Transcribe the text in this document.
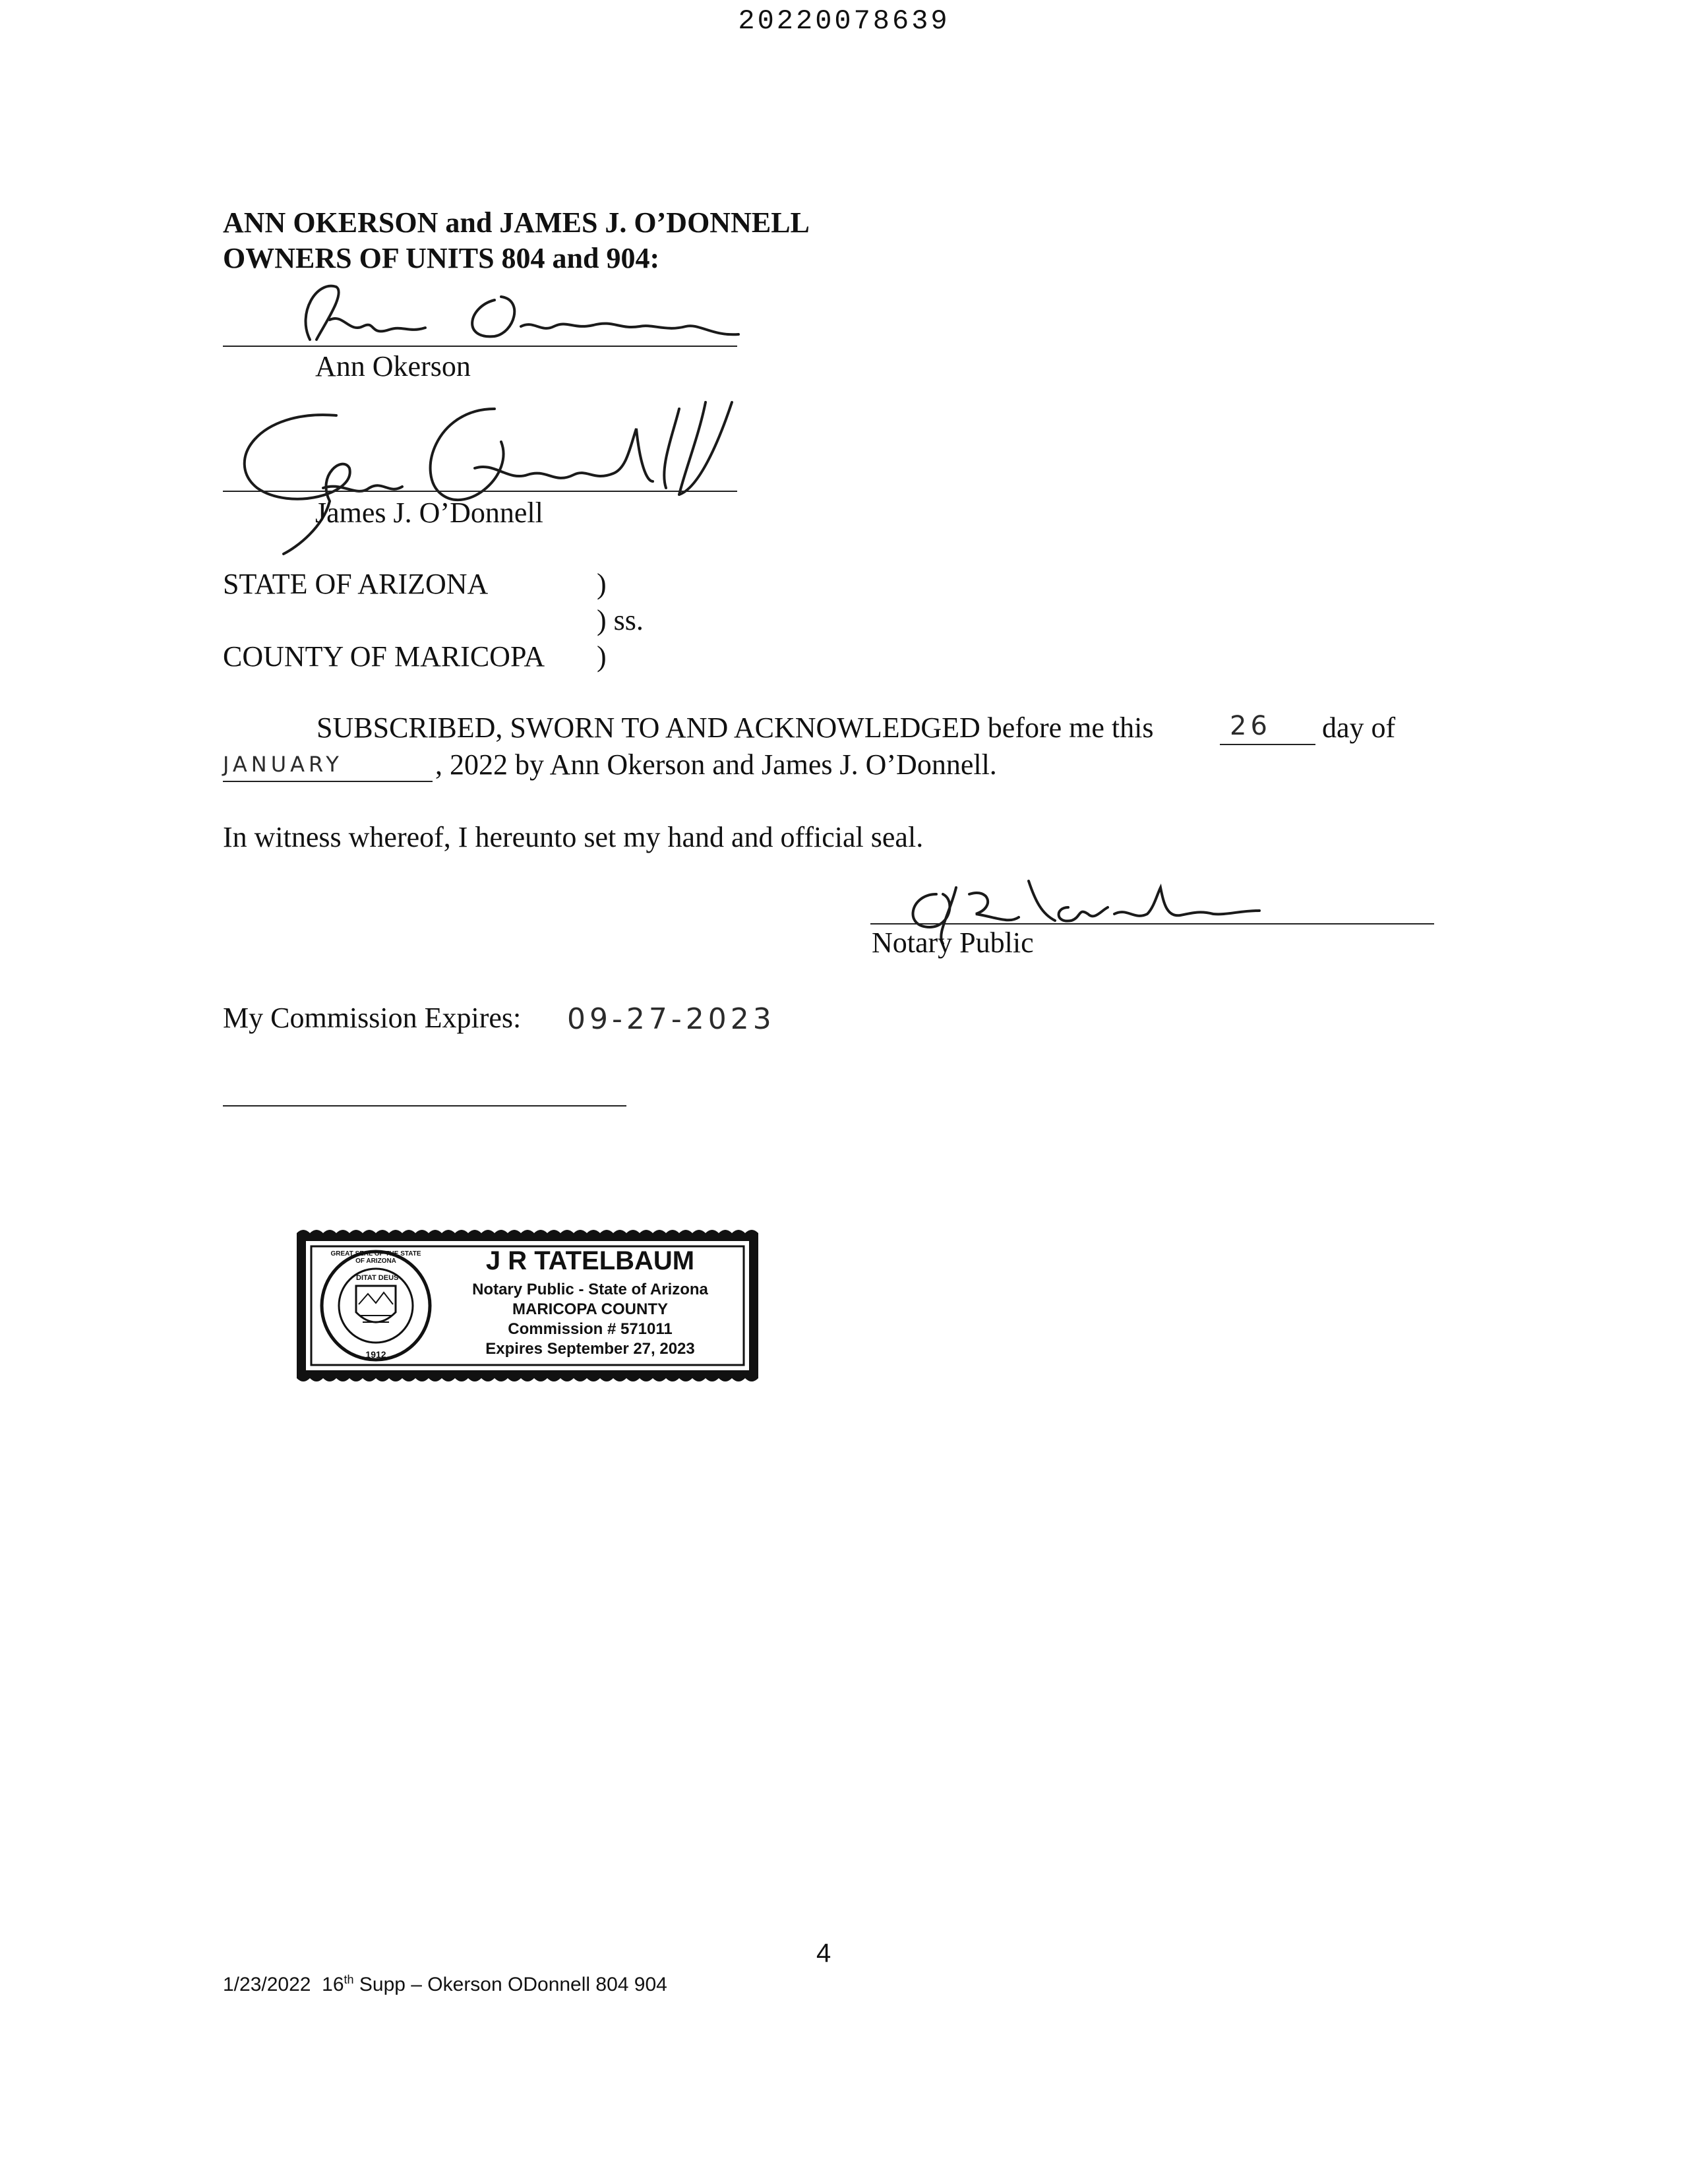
20220078639
ANN OKERSON and JAMES J. O’DONNELL
OWNERS OF UNITS 804 and 904:
Ann Okerson
James J. O’Donnell
STATE OF ARIZONA	)
) ss.
COUNTY OF MARICOPA )
SUBSCRIBED, SWORN TO AND ACKNOWLEDGED before me this	26 day of
JANUARY	, 2022 by Ann Okerson and James J. O’Donnell.
In witness whereof, I hereunto set my hand and official seal.
Notary Public
My Commission Expires: 09-27-2023
DITAT DEUS
1912
GREAT SEAL OF THE STATE OF ARIZONA	J R TATELBAUM
Notary Public - State of Arizona
MARICOPA COUNTY
Commission # 571011
Expires September 27, 2023
4
1/23/2022 16th Supp – Okerson ODonnell 804 904
